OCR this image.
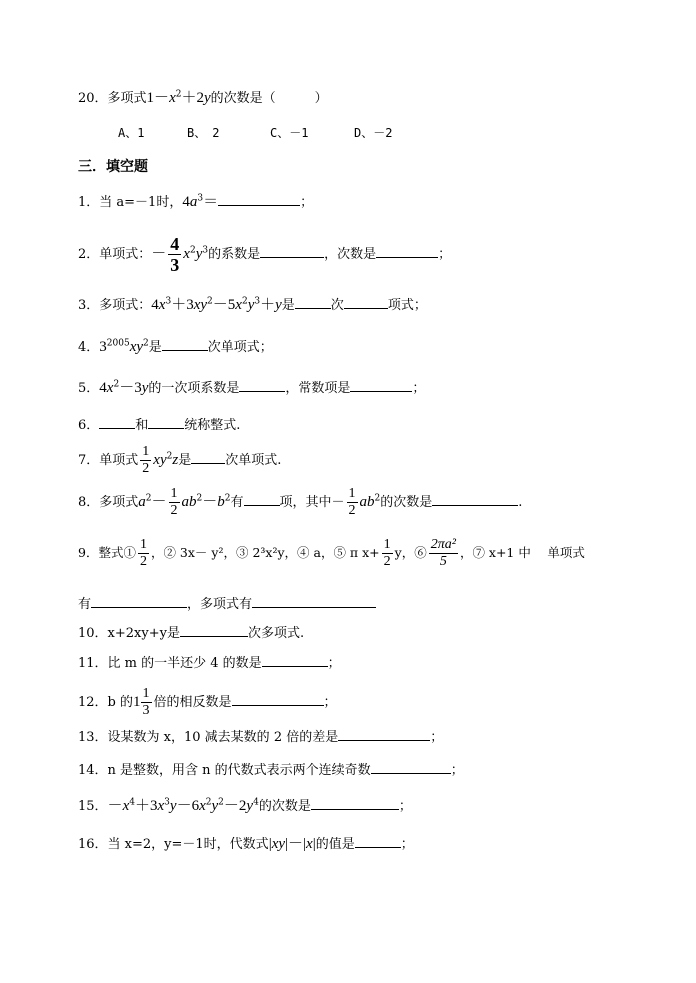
20．多项式$1-x^2+2y$的次数是（　　　）
A、1	B、　2	C、－1	D、－2
三．填空题
1．当 a=－1时，$4a^3=$	；
2．单项式：－ $\frac{4}{3} x^2y^3$的系数是	，次数是	；
3．多项式：$4x^3+3xy^2-5x^2y^3+y$是	次	项式；
4．$3^{2005}xy^2$是	次单项式；
5．$4x^2-3y$的一次项系数是	，常数项是	；
6．	和	统称整式.
7．单项式 $\frac{1}{2} xy^2z$是	次单项式.
8．多项式$a^2- \frac{1}{2} ab^2-b^2$有	项，其中－ $\frac{1}{2} ab^2$的次数是	.
9．整式① $\frac{1}{2}$ ，② 3x－ y²，③ 2³x²y，④ a，⑤ π $x+ \frac{1}{2}$ y，⑥ $\frac{\text{2πa²}}{5}$ ，⑦ x+1 中　 单项式
有	，多项式有
10．x+2xy+y是	次多项式.
11．比 m 的一半还少 4 的数是	；
12．b 的$1 \frac{1}{3}$ 倍的相反数是	；
13．设某数为 x，10 减去某数的 2 倍的差是	；
14．n 是整数，用含 n 的代数式表示两个连续奇数	；
15．$-x^4+3x^3y-6x^2y^2-2y^4$的次数是	；
16．当 x=2，y=－1时，代数式|xy|－|x|的值是	；
